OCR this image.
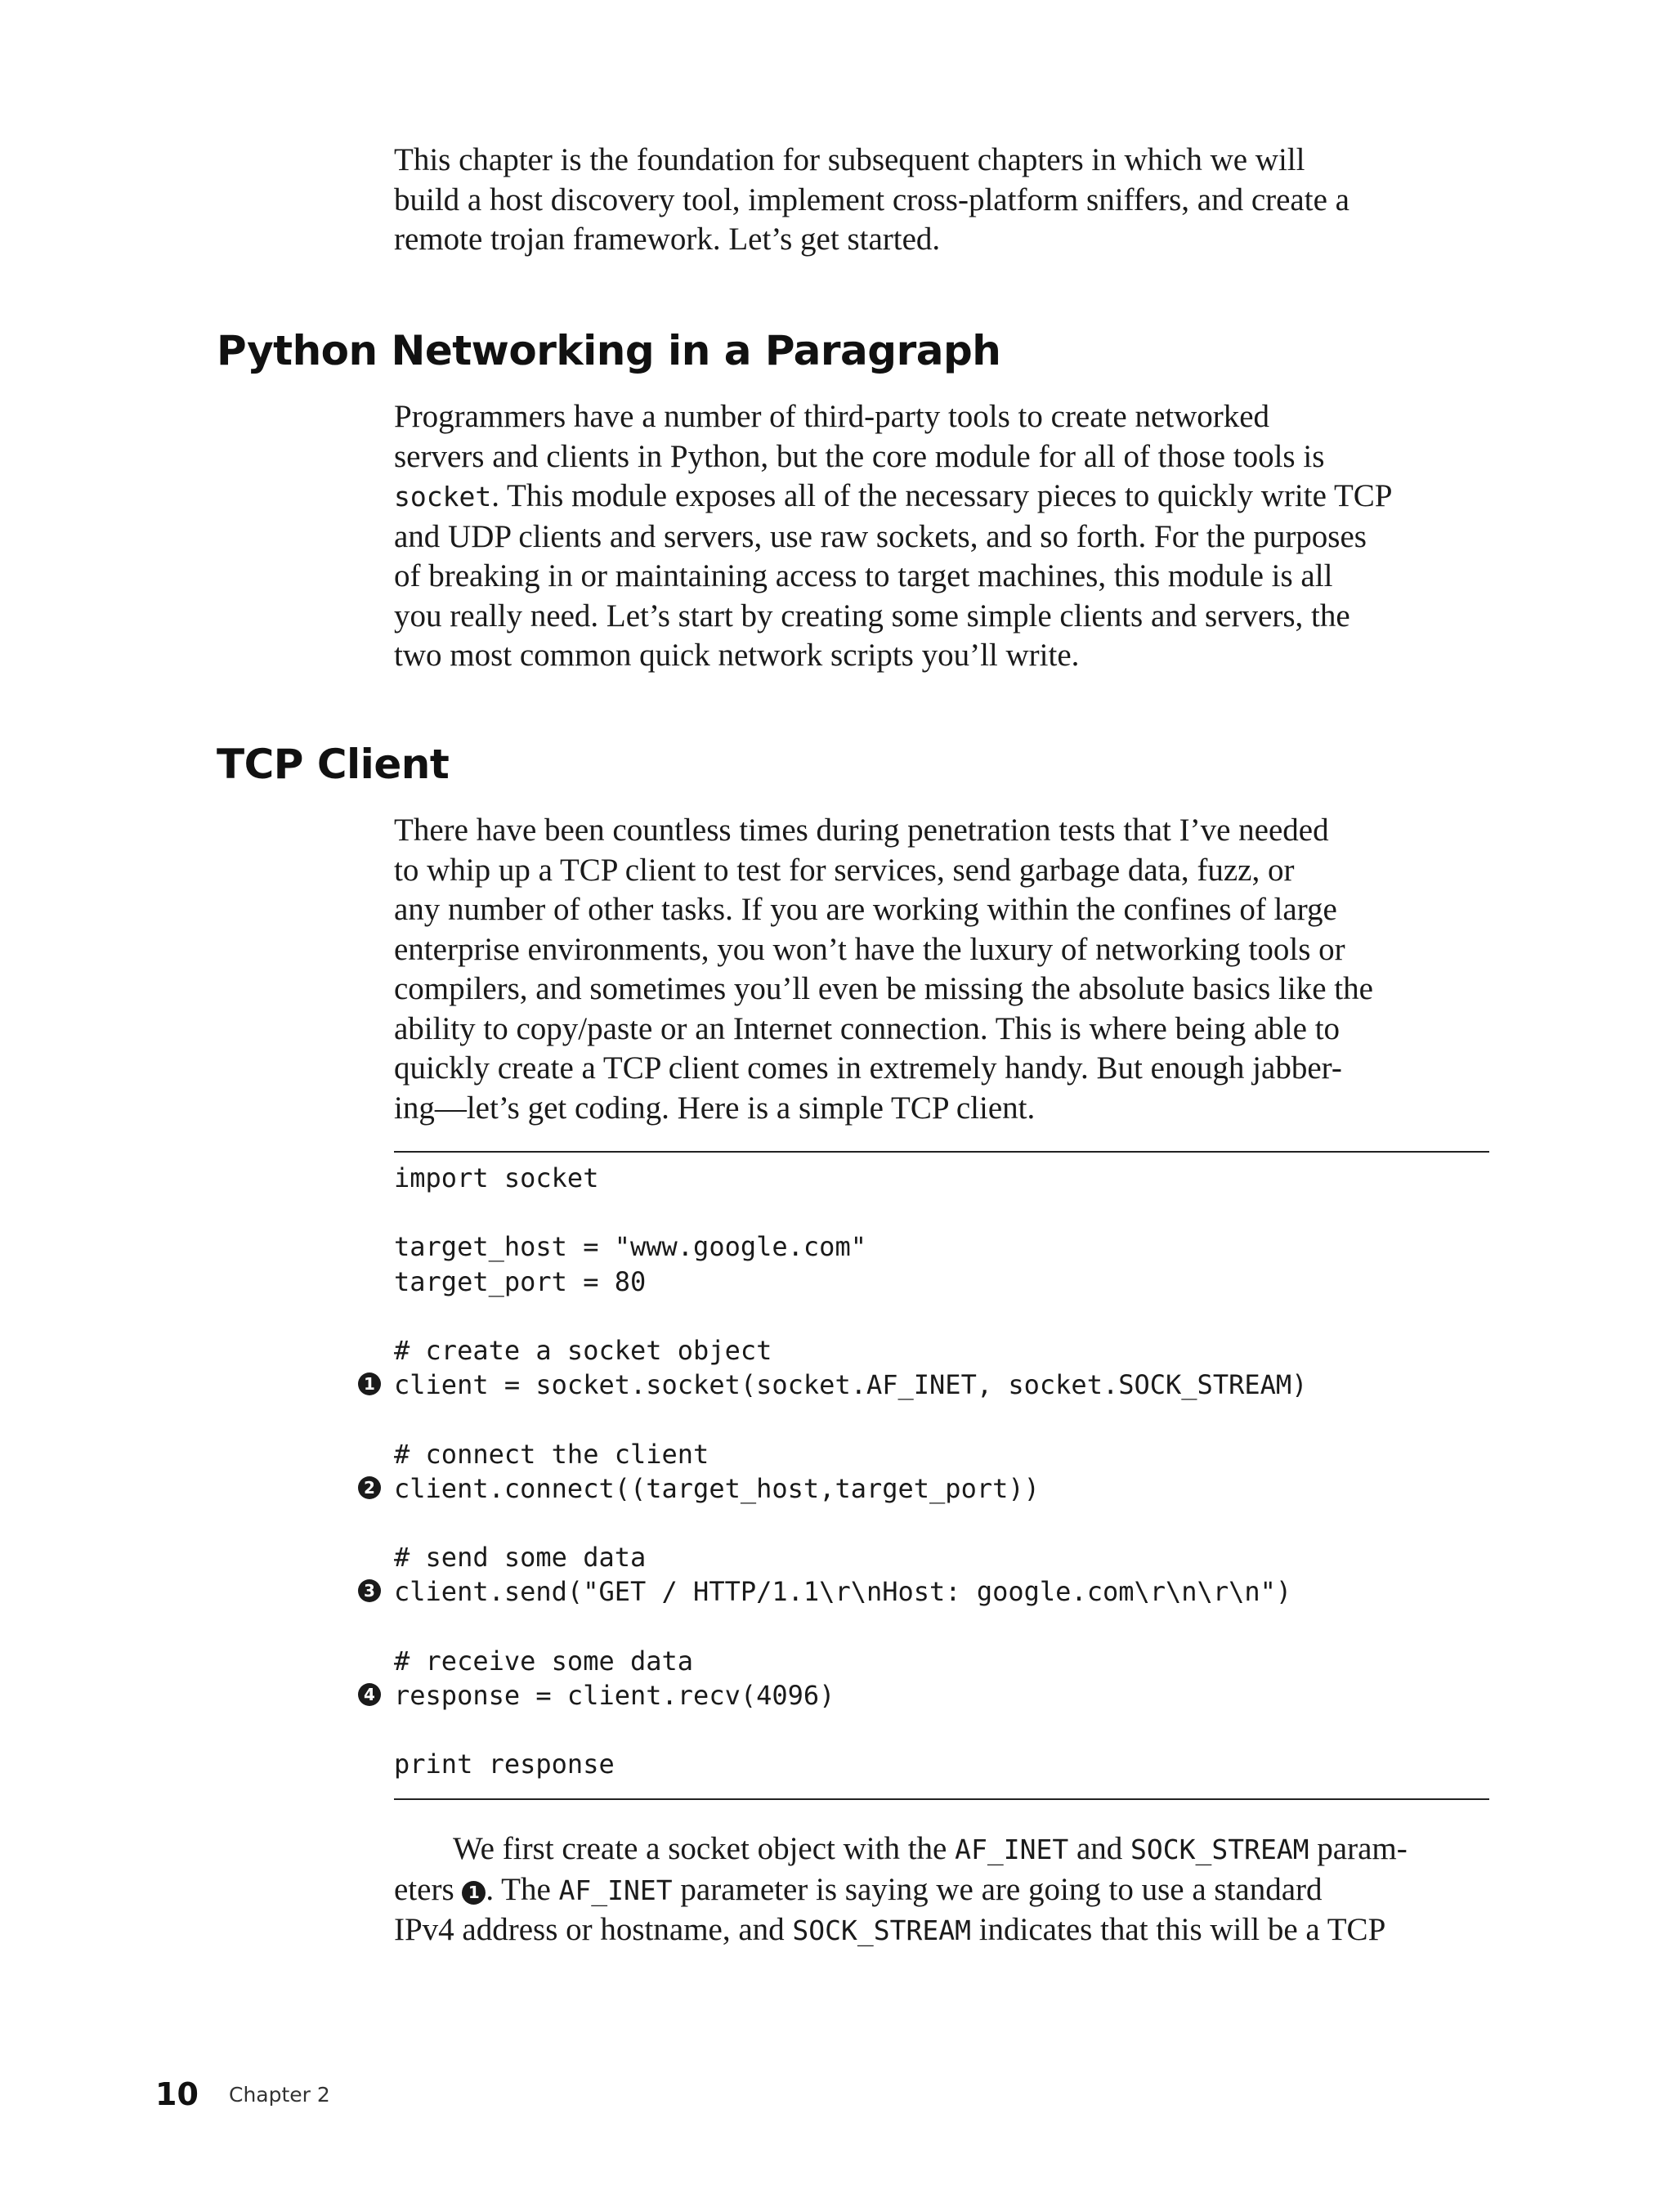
This chapter is the foundation for subsequent chapters in which we will

build a host discovery tool, implement cross-platform sniffers, and create a

remote trojan framework. Let’s get started.

Python Networking in a Paragraph

Programmers have a number of third-party tools to create networked

servers and clients in Python, but the core module for all of those tools is

socket. This module exposes all of the necessary pieces to quickly write TCP

and UDP clients and servers, use raw sockets, and so forth. For the purposes

of breaking in or maintaining access to target machines, this module is all

you really need. Let’s start by creating some simple clients and servers, the

two most common quick network scripts you’ll write.

TCP Client

There have been countless times during penetration tests that I’ve needed

to whip up a TCP client to test for services, send garbage data, fuzz, or

any number of other tasks. If you are working within the confines of large

enterprise environments, you won’t have the luxury of networking tools or

compilers, and sometimes you’ll even be missing the absolute basics like the

ability to copy/paste or an Internet connection. This is where being able to

quickly create a TCP client comes in extremely handy. But enough jabber-

ing—let’s get coding. Here is a simple TCP client.

import socket
target_host = "www.google.com"
target_port = 80
# create a socket object
1 client = socket.socket(socket.AF_INET, socket.SOCK_STREAM)
# connect the client
2 client.connect((target_host,target_port))
# send some data
3 client.send("GET / HTTP/1.1\r\nHost: google.com\r\n\r\n")
# receive some data
4 response = client.recv(4096)
print response

We first create a socket object with the AF_INET and SOCK_STREAM param-

eters 1 . The AF_INET parameter is saying we are going to use a standard

IPv4 address or hostname, and SOCK_STREAM indicates that this will be a TCP

10 Chapter 2
